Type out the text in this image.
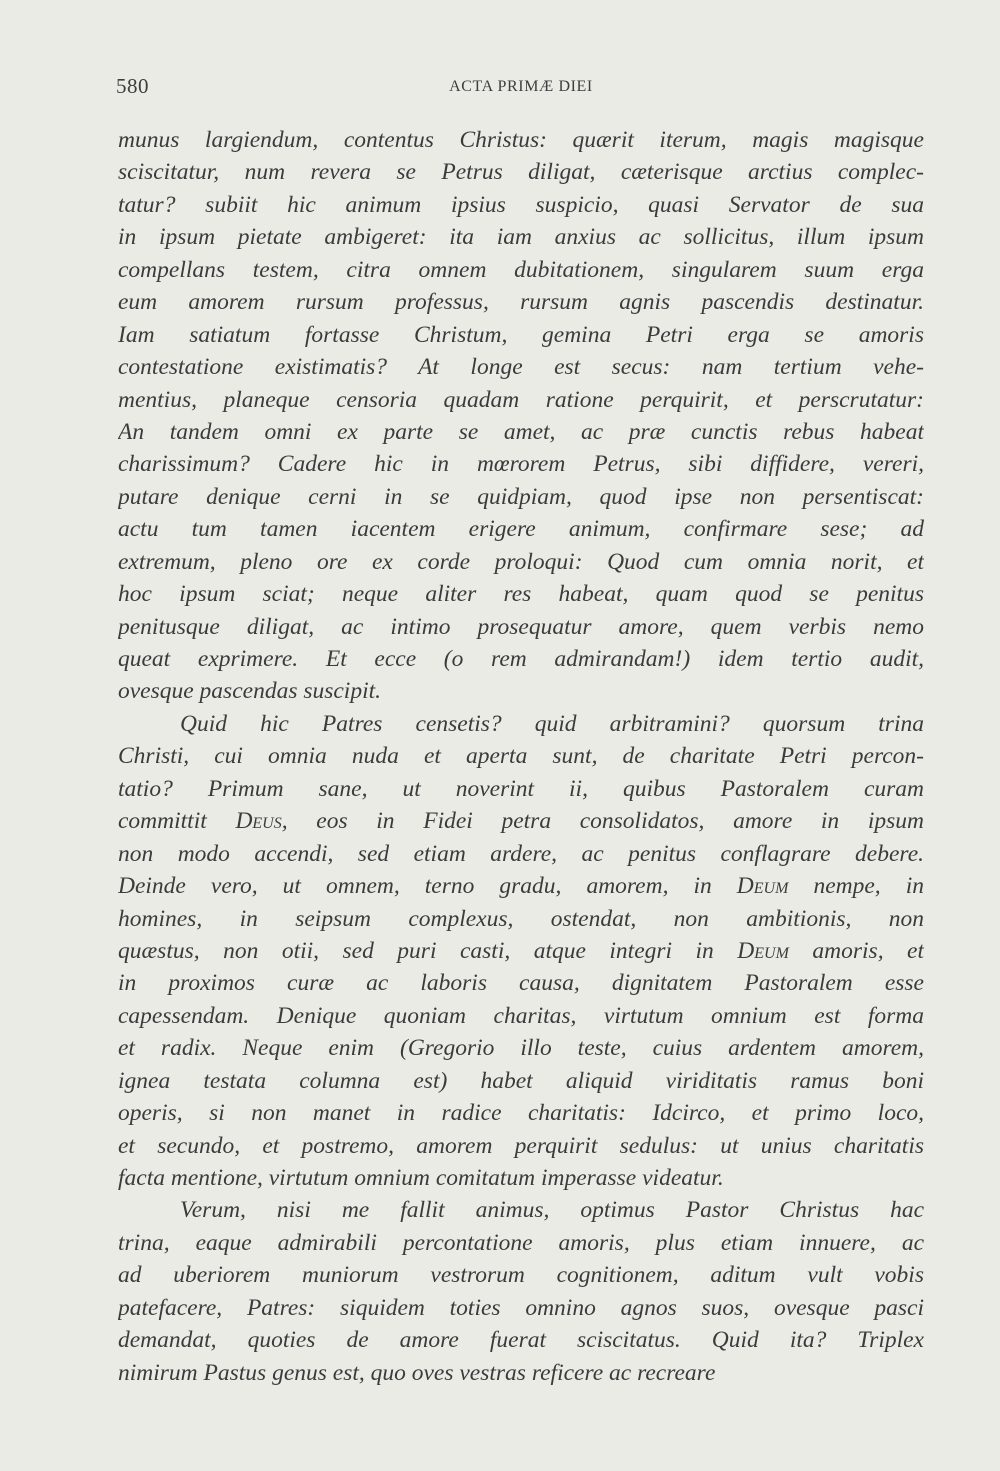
580	ACTA PRIMÆ DIEI
munus largiendum, contentus Christus: quærit iterum, magis magisque
sciscitatur, num revera se Petrus diligat, cæterisque arctius complec-
tatur? subiit hic animum ipsius suspicio, quasi Servator de sua
in ipsum pietate ambigeret: ita iam anxius ac sollicitus, illum ipsum
compellans testem, citra omnem dubitationem, singularem suum erga
eum amorem rursum professus, rursum agnis pascendis destinatur.
Iam satiatum fortasse Christum, gemina Petri erga se amoris
contestatione existimatis? At longe est secus: nam tertium vehe-
mentius, planeque censoria quadam ratione perquirit, et perscrutatur:
An tandem omni ex parte se amet, ac præ cunctis rebus habeat
charissimum? Cadere hic in mœrorem Petrus, sibi diffidere, vereri,
putare denique cerni in se quidpiam, quod ipse non persentiscat:
actu tum tamen iacentem erigere animum, confirmare sese; ad
extremum, pleno ore ex corde proloqui: Quod cum omnia norit, et
hoc ipsum sciat; neque aliter res habeat, quam quod se penitus
penitusque diligat, ac intimo prosequatur amore, quem verbis nemo
queat exprimere. Et ecce (o rem admirandam!) idem tertio audit,
ovesque pascendas suscipit.
Quid hic Patres censetis? quid arbitramini? quorsum trina
Christi, cui omnia nuda et aperta sunt, de charitate Petri percon-
tatio? Primum sane, ut noverint ii, quibus Pastoralem curam
committit Deus, eos in Fidei petra consolidatos, amore in ipsum
non modo accendi, sed etiam ardere, ac penitus conflagrare debere.
Deinde vero, ut omnem, terno gradu, amorem, in Deum nempe, in
homines, in seipsum complexus, ostendat, non ambitionis, non
quæstus, non otii, sed puri casti, atque integri in Deum amoris, et
in proximos curæ ac laboris causa, dignitatem Pastoralem esse
capessendam. Denique quoniam charitas, virtutum omnium est forma
et radix. Neque enim (Gregorio illo teste, cuius ardentem amorem,
ignea testata columna est) habet aliquid viriditatis ramus boni
operis, si non manet in radice charitatis: Idcirco, et primo loco,
et secundo, et postremo, amorem perquirit sedulus: ut unius charitatis
facta mentione, virtutum omnium comitatum imperasse videatur.
Verum, nisi me fallit animus, optimus Pastor Christus hac
trina, eaque admirabili percontatione amoris, plus etiam innuere, ac
ad uberiorem muniorum vestrorum cognitionem, aditum vult vobis
patefacere, Patres: siquidem toties omnino agnos suos, ovesque pasci
demandat, quoties de amore fuerat sciscitatus. Quid ita? Triplex
nimirum Pastus genus est, quo oves vestras reficere ac recreare
